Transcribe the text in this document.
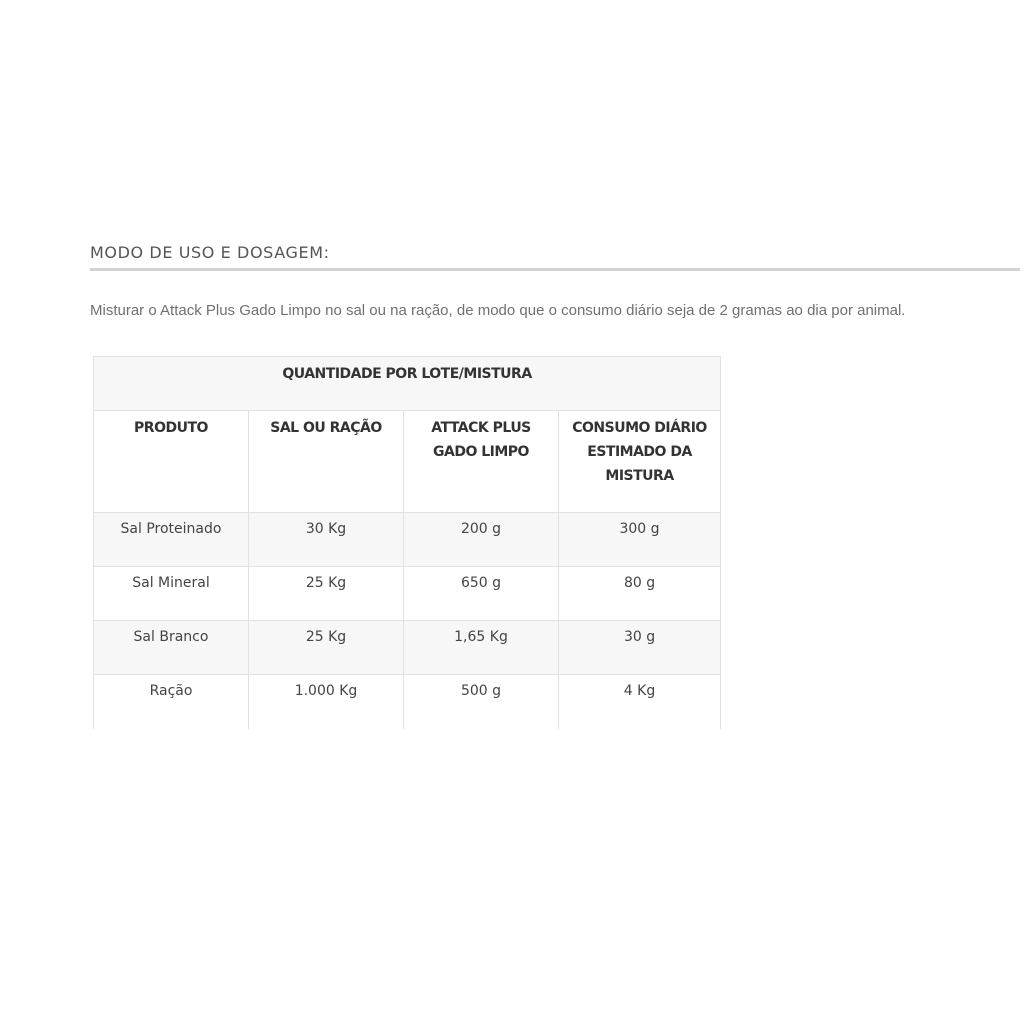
MODO DE USO E DOSAGEM:

Misturar o Attack Plus Gado Limpo no sal ou na ração, de modo que o consumo diário seja de 2 gramas ao dia por animal.

QUANTIDADE POR LOTE/MISTURA			
PRODUTO	SAL OU RAÇÃO	ATTACK PLUS GADO LIMPO	CONSUMO DIÁRIO ESTIMADO DA MISTURA
Sal Proteinado	30 Kg	200 g	300 g
Sal Mineral	25 Kg	650 g	80 g
Sal Branco	25 Kg	1,65 Kg	30 g
Ração	1.000 Kg	500 g	4 Kg
